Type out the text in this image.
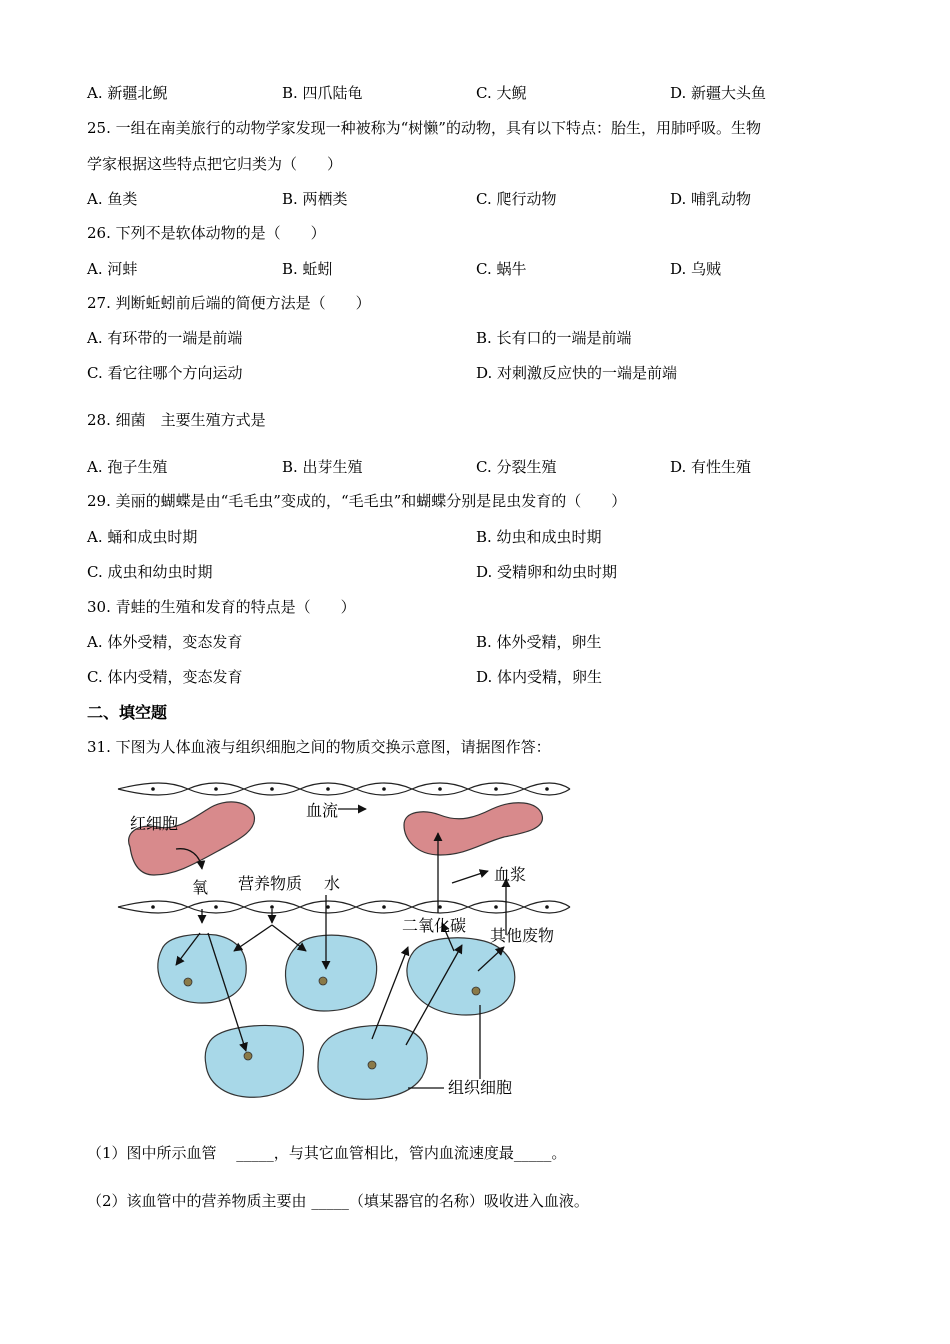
A. 新疆北鲵	B. 四爪陆龟	C. 大鲵	D. 新疆大头鱼
25. 一组在南美旅行的动物学家发现一种被称为“树懒”的动物，具有以下特点：胎生，用肺呼吸。生物
学家根据这些特点把它归类为（　　）
A. 鱼类	B. 两栖类	C. 爬行动物	D. 哺乳动物
26. 下列不是软体动物的是（　　）
A. 河蚌	B. 蚯蚓	C. 蜗牛	D. 乌贼
27. 判断蚯蚓前后端的简便方法是（　　）
A. 有环带的一端是前端	B. 长有口的一端是前端
C. 看它往哪个方向运动	D. 对刺激反应快的一端是前端
28. 细菌　主要生殖方式是
A. 孢子生殖	B. 出芽生殖	C. 分裂生殖	D. 有性生殖
29. 美丽的蝴蝶是由“毛毛虫”变成的，“毛毛虫”和蝴蝶分别是昆虫发育的（　　）
A. 蛹和成虫时期	B. 幼虫和成虫时期
C. 成虫和幼虫时期	D. 受精卵和幼虫时期
30. 青蛙的生殖和发育的特点是（　　）
A. 体外受精，变态发育	B. 体外受精，卵生
C. 体内受精，变态发育	D. 体内受精，卵生
二、填空题
31. 下图为人体血液与组织细胞之间的物质交换示意图，请据图作答：
红细胞
血流
氧 营养物质 水	血浆
二氧化碳
其他废物
组织细胞
（1）图中所示血管　 _____，与其它血管相比，管内血流速度最_____。
（2）该血管中的营养物质主要由 _____（填某器官的名称）吸收进入血液。
